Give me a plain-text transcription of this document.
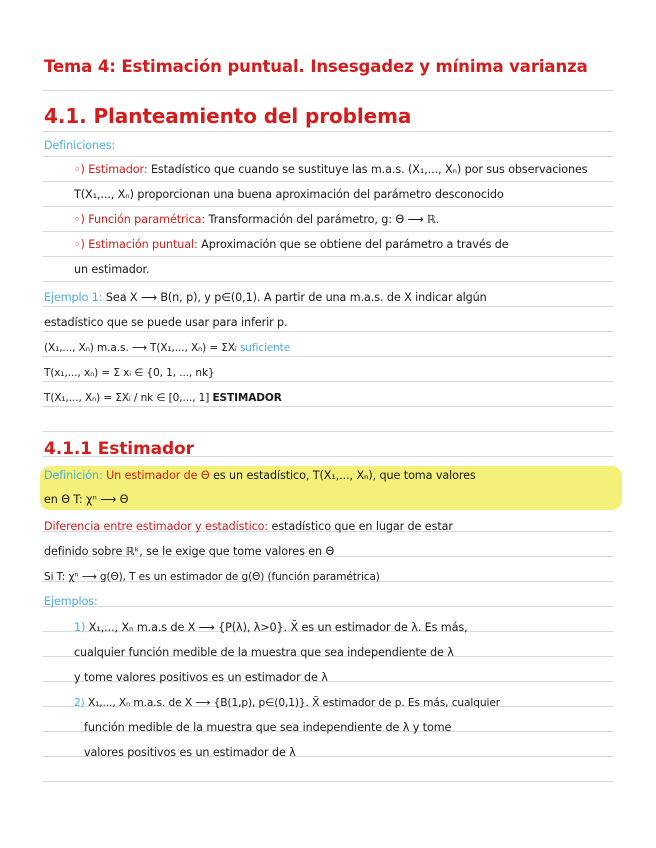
Tema 4: Estimación puntual. Insesgadez y mínima varianza
4.1. Planteamiento del problema
Definiciones:
◦) Estimador: Estadístico que cuando se sustituye las m.a.s. (X₁,..., Xₙ) por sus observaciones
T(X₁,..., Xₙ) proporcionan una buena aproximación del parámetro desconocido
◦) Función paramétrica: Transformación del parámetro, g: Θ ⟶ ℝ.
◦) Estimación puntual: Aproximación que se obtiene del parámetro a través de
un estimador.
Ejemplo 1: Sea X ⟶ B(n, p), y p∈(0,1). A partir de una m.a.s. de X indicar algún
estadístico que se puede usar para inferir p.
(X₁,..., Xₙ) m.a.s. ⟶ T(X₁,..., Xₙ) = ΣXᵢ suficiente
T(x₁,..., xₙ) = Σ xᵢ ∈ {0, 1, ..., nk}
T(X₁,..., Xₙ) = ΣXᵢ / nk ∈ [0,..., 1] ESTIMADOR
4.1.1 Estimador
Definición: Un estimador de Θ es un estadístico, T(X₁,..., Xₙ), que toma valores
en Θ T: χⁿ ⟶ Θ
Diferencia entre estimador y estadístico: estadístico que en lugar de estar
definido sobre ℝᵏ, se le exige que tome valores en Θ
Si T: χⁿ ⟶ g(Θ), T es un estimador de g(Θ) (función paramétrica)
Ejemplos:
1) X₁,..., Xₙ m.a.s de X ⟶ {P(λ), λ>0}. X̄ es un estimador de λ. Es más,
cualquier función medible de la muestra que sea independiente de λ
y tome valores positivos es un estimador de λ
2) X₁,..., Xₙ m.a.s. de X ⟶ {B(1,p), p∈(0,1)}. X̄ estimador de p. Es más, cualquier
función medible de la muestra que sea independiente de λ y tome
valores positivos es un estimador de λ
